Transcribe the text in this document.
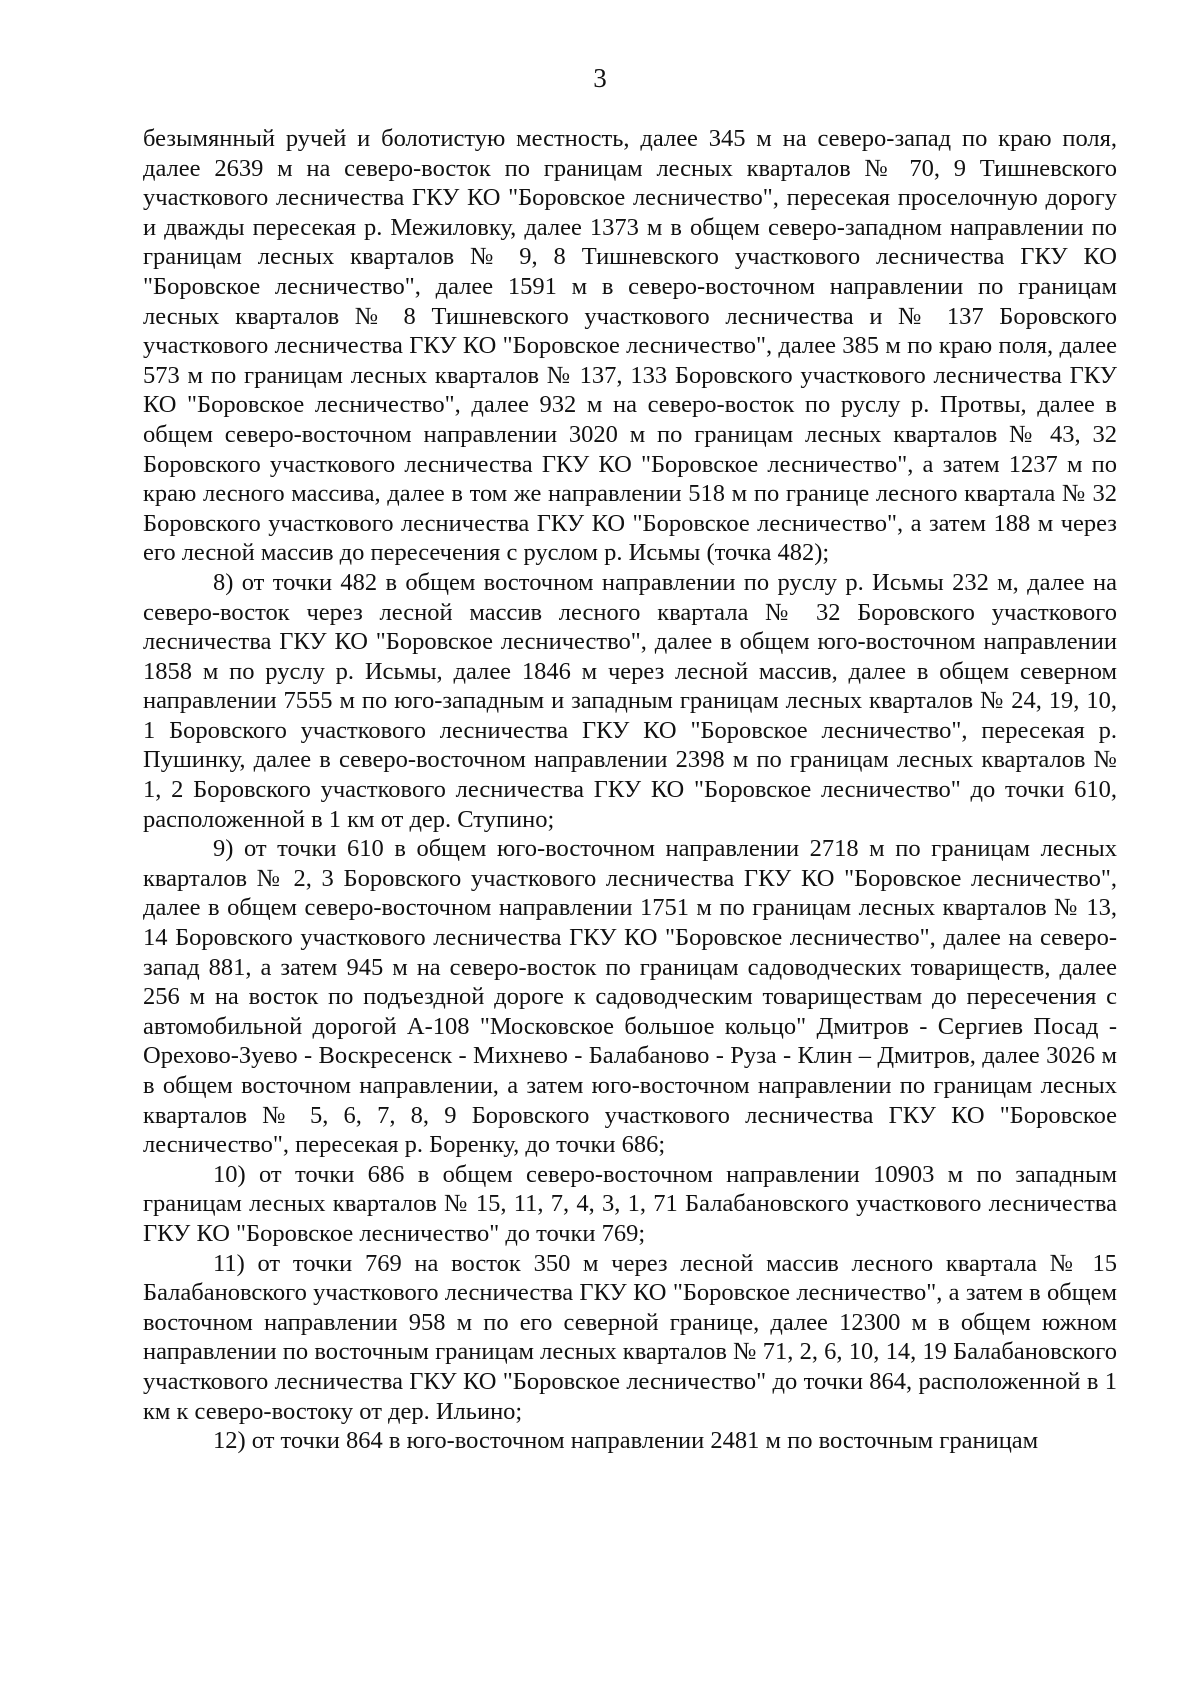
3

безымянный ручей и болотистую местность, далее 345 м на северо-запад по краю поля, далее 2639 м на северо-восток по границам лесных кварталов № 70, 9 Тишневского участкового лесничества ГКУ КО "Боровское лесничество", пересекая проселочную дорогу и дважды пересекая р. Межиловку, далее 1373 м в общем северо-западном направлении по границам лесных кварталов № 9, 8 Тишневского участкового лесничества ГКУ КО "Боровское лесничество", далее 1591 м в северо-восточном направлении по границам лесных кварталов № 8 Тишневского участкового лесничества и № 137 Боровского участкового лесничества ГКУ КО "Боровское лесничество", далее 385 м по краю поля, далее 573 м по границам лесных кварталов № 137, 133 Боровского участкового лесничества ГКУ КО "Боровское лесничество", далее 932 м на северо-восток по руслу р. Протвы, далее в общем северо-восточном направлении 3020 м по границам лесных кварталов № 43, 32 Боровского участкового лесничества ГКУ КО "Боровское лесничество", а затем 1237 м по краю лесного массива, далее в том же направлении 518 м по границе лесного квартала № 32 Боровского участкового лесничества ГКУ КО "Боровское лесничество", а затем 188 м через его лесной массив до пересечения с руслом р. Исьмы (точка 482);

8) от точки 482 в общем восточном направлении по руслу р. Исьмы 232 м, далее на северо-восток через лесной массив лесного квартала № 32 Боровского участкового лесничества ГКУ КО "Боровское лесничество", далее в общем юго-восточном направлении 1858 м по руслу р. Исьмы, далее 1846 м через лесной массив, далее в общем северном направлении 7555 м по юго-западным и западным границам лесных кварталов № 24, 19, 10, 1 Боровского участкового лесничества ГКУ КО "Боровское лесничество", пересекая р. Пушинку, далее в северо-восточном направлении 2398 м по границам лесных кварталов № 1, 2 Боровского участкового лесничества ГКУ КО "Боровское лесничество" до точки 610, расположенной в 1 км от дер. Ступино;

9) от точки 610 в общем юго-восточном направлении 2718 м по границам лесных кварталов № 2, 3 Боровского участкового лесничества ГКУ КО "Боровское лесничество", далее в общем северо-восточном направлении 1751 м по границам лесных кварталов № 13, 14 Боровского участкового лесничества ГКУ КО "Боровское лесничество", далее на северо-запад 881, а затем 945 м на северо-восток по границам садоводческих товариществ, далее 256 м на восток по подъездной дороге к садоводческим товариществам до пересечения с автомобильной дорогой А-108 "Московское большое кольцо" Дмитров - Сергиев Посад - Орехово-Зуево - Воскресенск - Михнево - Балабаново - Руза - Клин – Дмитров, далее 3026 м в общем восточном направлении, а затем юго-восточном направлении по границам лесных кварталов № 5, 6, 7, 8, 9 Боровского участкового лесничества ГКУ КО "Боровское лесничество", пересекая р. Боренку, до точки 686;

10) от точки 686 в общем северо-восточном направлении 10903 м по западным границам лесных кварталов № 15, 11, 7, 4, 3, 1, 71 Балабановского участкового лесничества ГКУ КО "Боровское лесничество" до точки 769;

11) от точки 769 на восток 350 м через лесной массив лесного квартала № 15 Балабановского участкового лесничества ГКУ КО "Боровское лесничество", а затем в общем восточном направлении 958 м по его северной границе, далее 12300 м в общем южном направлении по восточным границам лесных кварталов № 71, 2, 6, 10, 14, 19 Балабановского участкового лесничества ГКУ КО "Боровское лесничество" до точки 864, расположенной в 1 км к северо-востоку от дер. Ильино;

12) от точки 864 в юго-восточном направлении 2481 м по восточным границам
